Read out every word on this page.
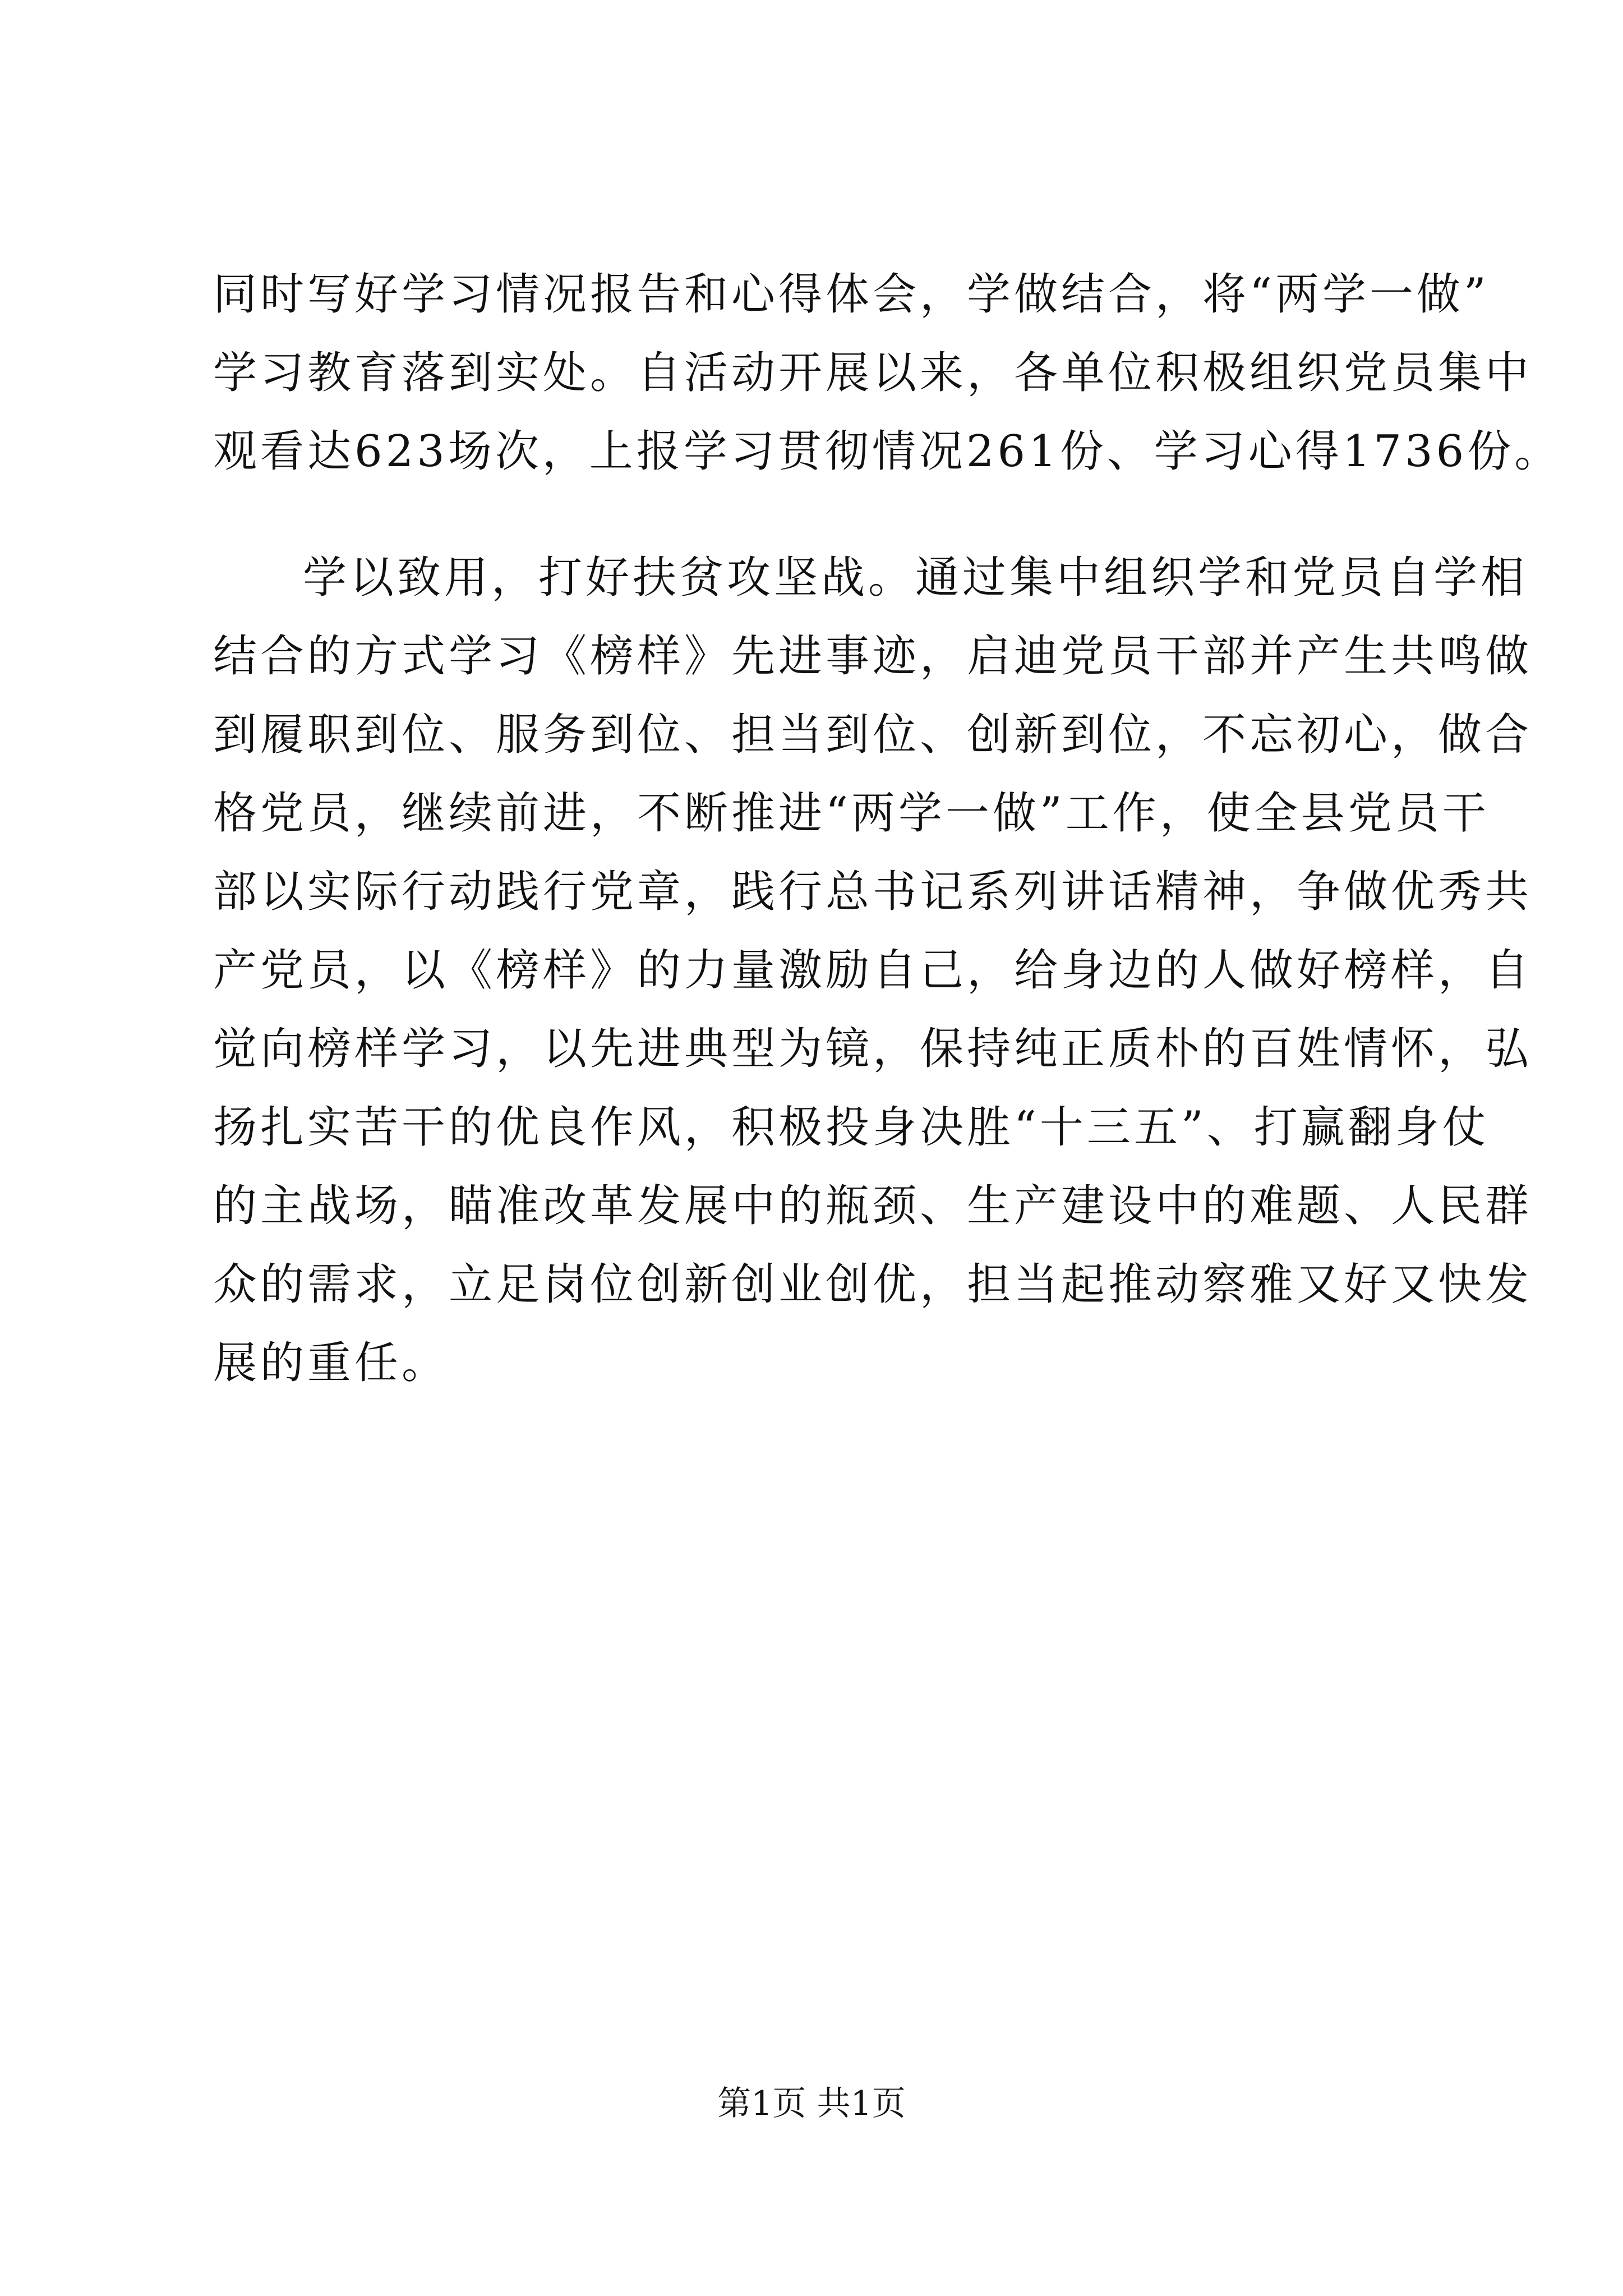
同时写好学习情况报告和心得体会，学做结合，将“两学一做”
学习教育落到实处。自活动开展以来，各单位积极组织党员集中
观看达623场次，上报学习贯彻情况261份、学习心得1736份。
学以致用，打好扶贫攻坚战。通过集中组织学和党员自学相
结合的方式学习《榜样》先进事迹，启迪党员干部并产生共鸣做
到履职到位、服务到位、担当到位、创新到位，不忘初心，做合
格党员，继续前进，不断推进“两学一做”工作，使全县党员干
部以实际行动践行党章，践行总书记系列讲话精神，争做优秀共
产党员，以《榜样》的力量激励自己，给身边的人做好榜样，自
觉向榜样学习，以先进典型为镜，保持纯正质朴的百姓情怀，弘
扬扎实苦干的优良作风，积极投身决胜“十三五”、打赢翻身仗
的主战场，瞄准改革发展中的瓶颈、生产建设中的难题、人民群
众的需求，立足岗位创新创业创优，担当起推动察雅又好又快发
展的重任。
第1页 共1页
